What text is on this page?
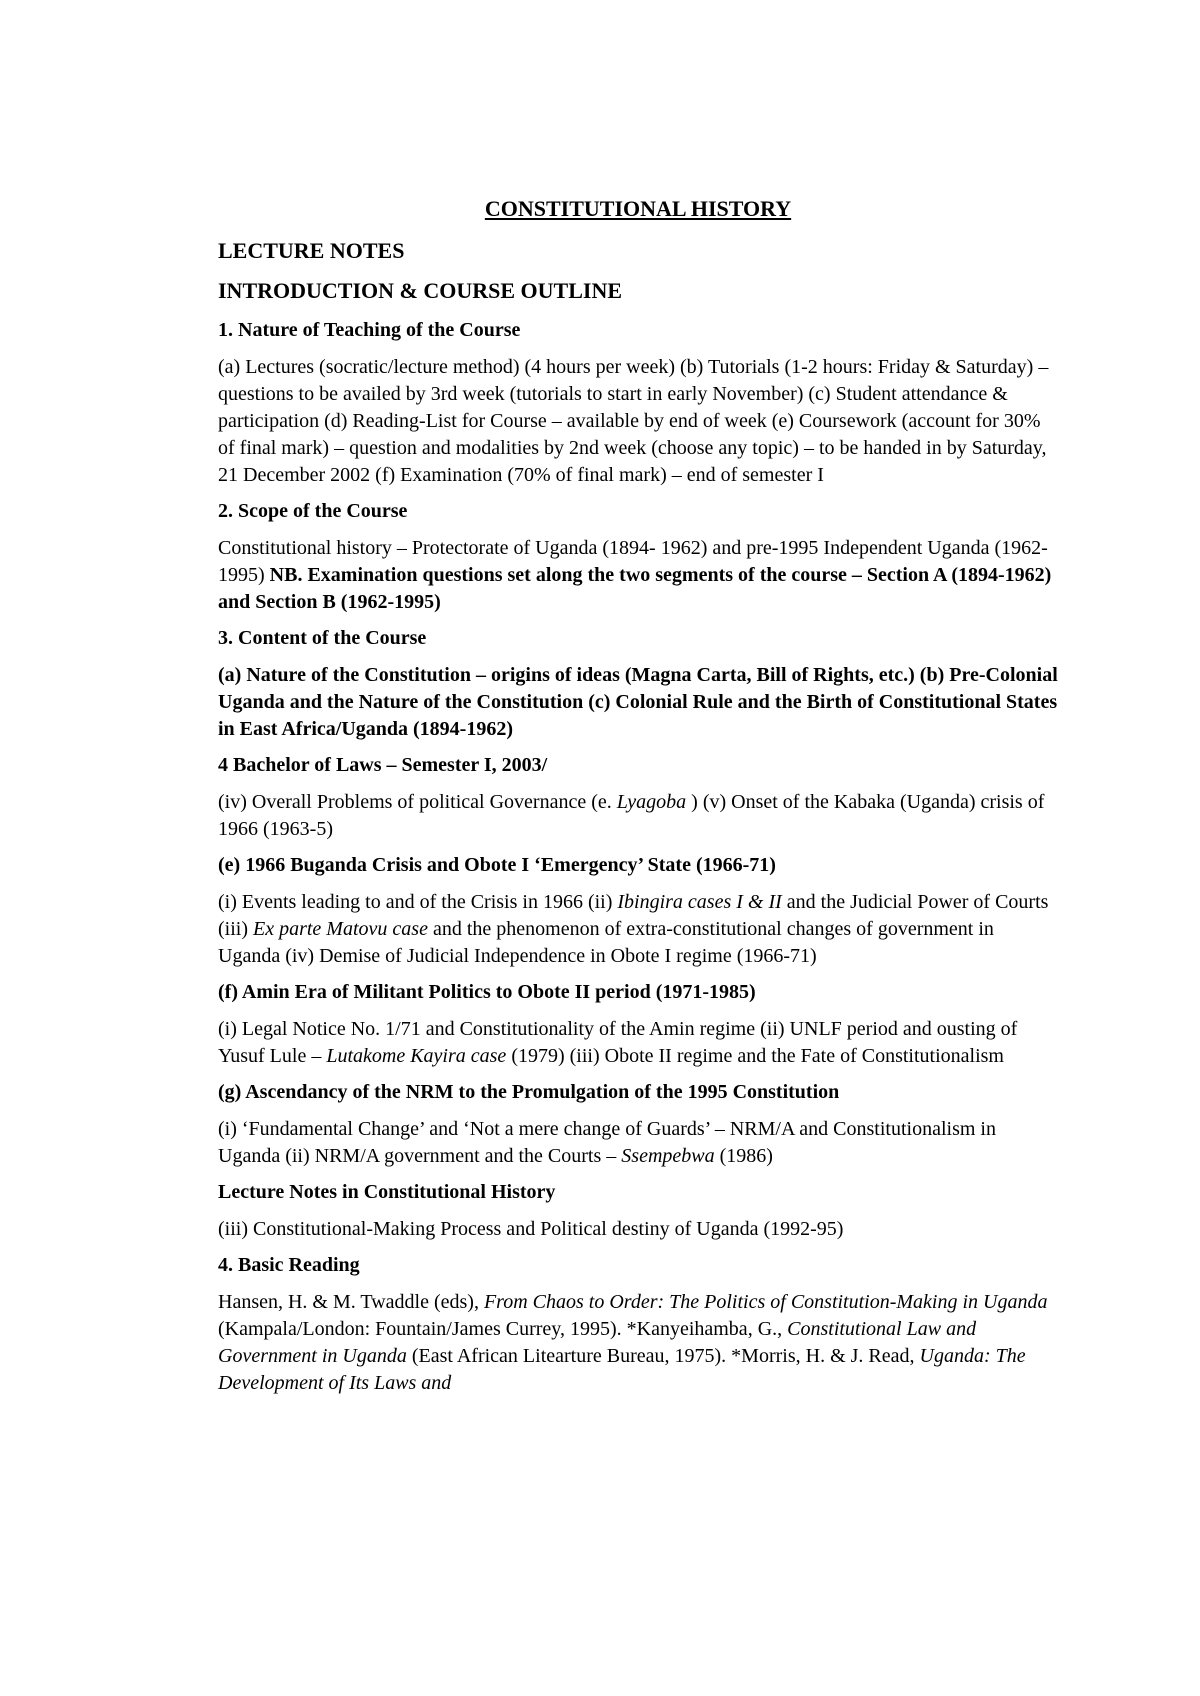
CONSTITUTIONAL HISTORY
LECTURE NOTES
INTRODUCTION & COURSE OUTLINE
1. Nature of Teaching of the Course

(a) Lectures (socratic/lecture method) (4 hours per week) (b) Tutorials (1-2 hours: Friday & Saturday) – questions to be availed by 3rd week (tutorials to start in early November) (c) Student attendance & participation (d) Reading-List for Course – available by end of week (e) Coursework (account for 30% of final mark) – question and modalities by 2nd week (choose any topic) – to be handed in by Saturday, 21 December 2002 (f) Examination (70% of final mark) – end of semester I

2. Scope of the Course

Constitutional history – Protectorate of Uganda (1894- 1962) and pre-1995 Independent Uganda (1962-1995) NB. Examination questions set along the two segments of the course – Section A (1894-1962) and Section B (1962-1995)

3. Content of the Course

(a) Nature of the Constitution – origins of ideas (Magna Carta, Bill of Rights, etc.) (b) Pre-Colonial Uganda and the Nature of the Constitution (c) Colonial Rule and the Birth of Constitutional States in East Africa/Uganda (1894-1962)

4 Bachelor of Laws – Semester I, 2003/

(iv) Overall Problems of political Governance (e. Lyagoba ) (v) Onset of the Kabaka (Uganda) crisis of 1966 (1963-5)

(e) 1966 Buganda Crisis and Obote I ‘Emergency’ State (1966-71)

(i) Events leading to and of the Crisis in 1966 (ii) Ibingira cases I & II and the Judicial Power of Courts (iii) Ex parte Matovu case and the phenomenon of extra-constitutional changes of government in Uganda (iv) Demise of Judicial Independence in Obote I regime (1966-71)

(f) Amin Era of Militant Politics to Obote II period (1971-1985)

(i) Legal Notice No. 1/71 and Constitutionality of the Amin regime (ii) UNLF period and ousting of Yusuf Lule – Lutakome Kayira case (1979) (iii) Obote II regime and the Fate of Constitutionalism

(g) Ascendancy of the NRM to the Promulgation of the 1995 Constitution

(i) ‘Fundamental Change’ and ‘Not a mere change of Guards’ – NRM/A and Constitutionalism in Uganda (ii) NRM/A government and the Courts – Ssempebwa (1986)

Lecture Notes in Constitutional History

(iii) Constitutional-Making Process and Political destiny of Uganda (1992-95)

4. Basic Reading

Hansen, H. & M. Twaddle (eds), From Chaos to Order: The Politics of Constitution-Making in Uganda (Kampala/London: Fountain/James Currey, 1995). *Kanyeihamba, G., Constitutional Law and Government in Uganda (East African Litearture Bureau, 1975). *Morris, H. & J. Read, Uganda: The Development of Its Laws and
